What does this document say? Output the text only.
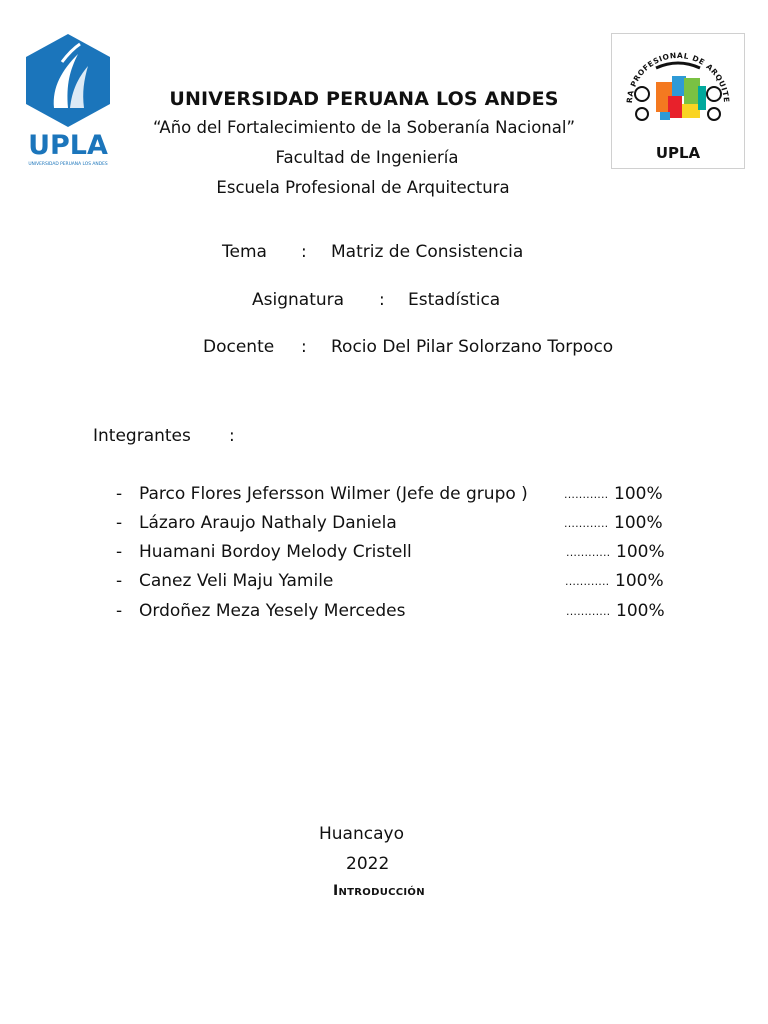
UPLA
UNIVERSIDAD PERUANA LOS ANDES
RA PROFESIONAL DE ARQUITE
UPLA
UNIVERSIDAD PERUANA LOS ANDES
“Año del Fortalecimiento de la Soberanía Nacional”
Facultad de Ingeniería
Escuela Profesional de Arquitectura
Tema : Matriz de Consistencia
Asignatura : Estadística
Docente : Rocio Del Pilar Solorzano Torpoco
Integrantes :
- Parco Flores Jefersson Wilmer (Jefe de grupo )	............ 100%
- Lázaro Araujo Nathaly Daniela	............ 100%
- Huamani Bordoy Melody Cristell	............ 100%
- Canez Veli Maju Yamile	............ 100%
- Ordoñez Meza Yesely Mercedes	............ 100%
Huancayo
2022
Introducción
